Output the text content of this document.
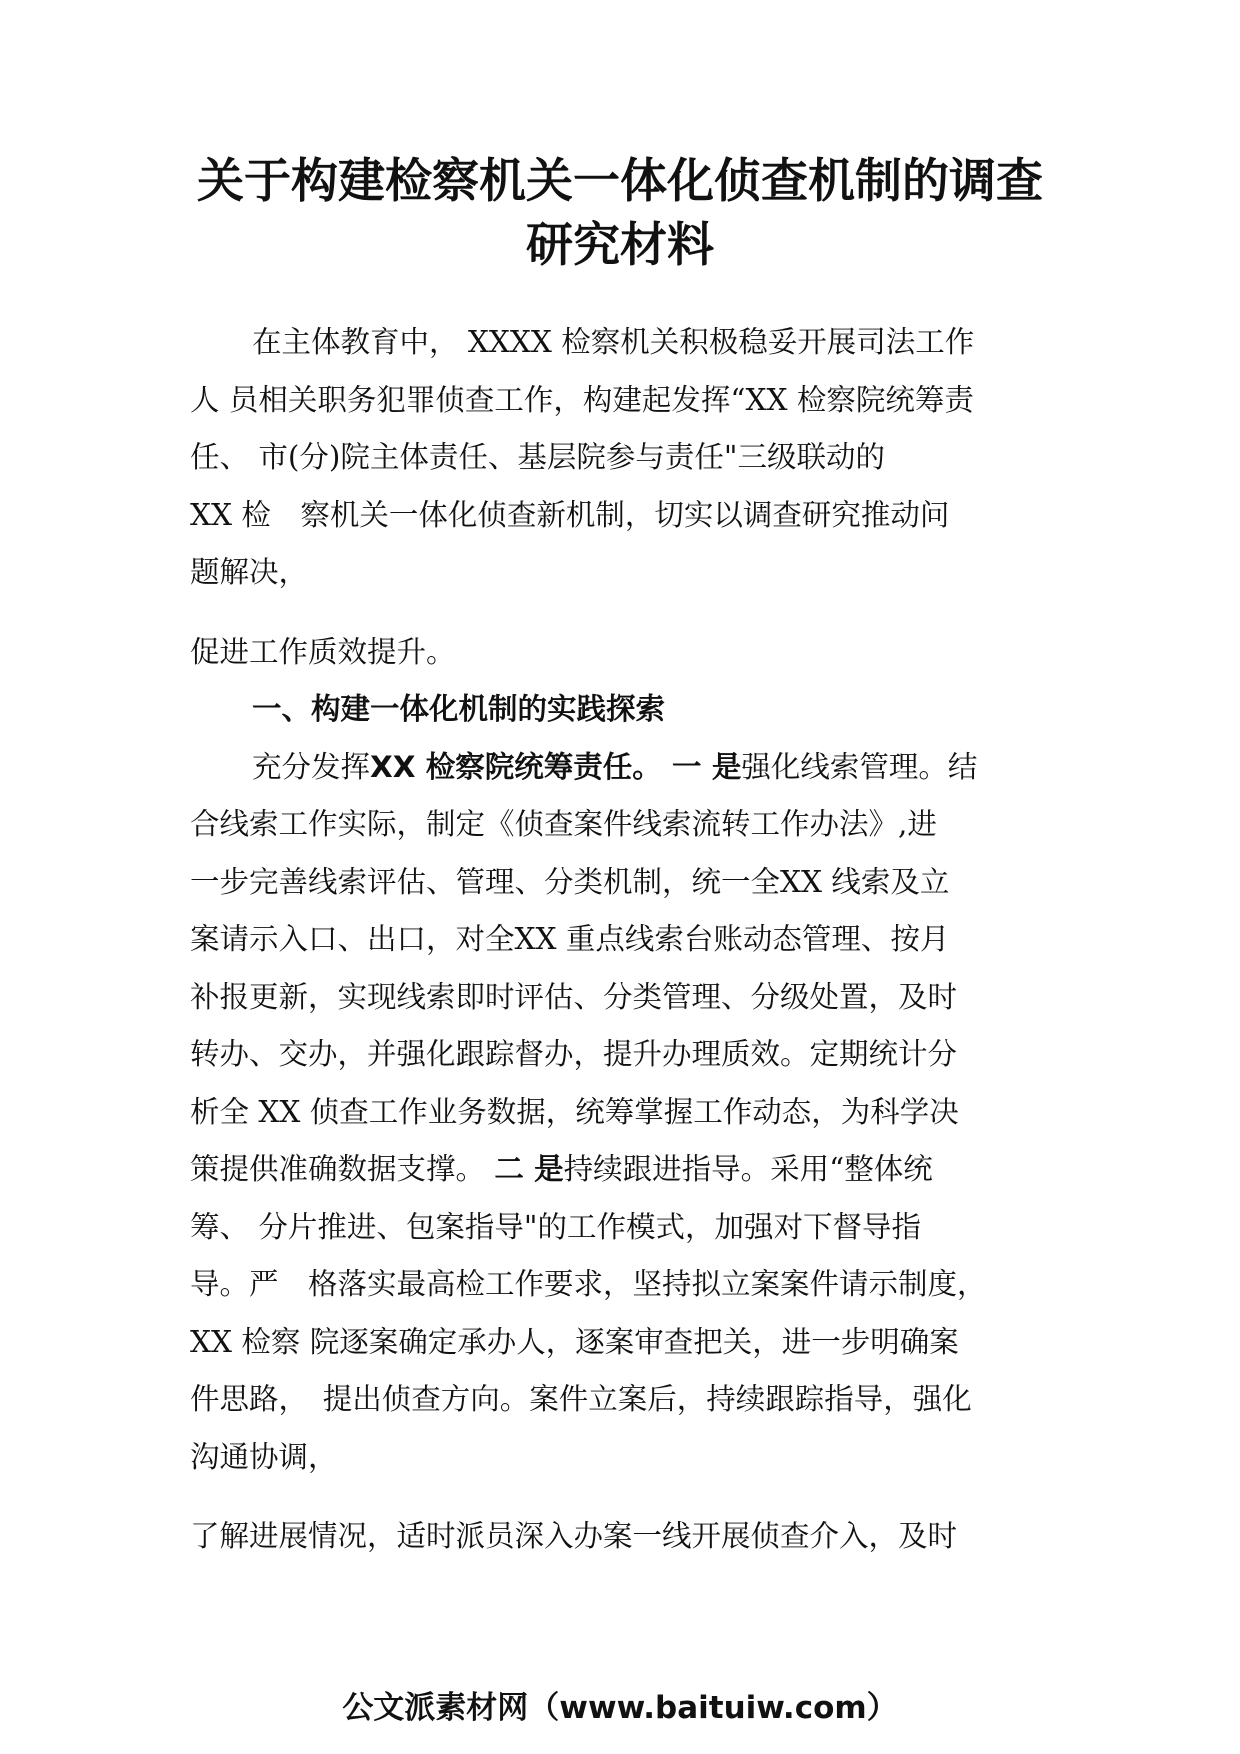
关于构建检察机关一体化侦查机制的调查
研究材料

在主体教育中， XXXX 检察机关积极稳妥开展司法工作

人 员相关职务犯罪侦查工作，构建起发挥“XX 检察院统筹责

任、 市(分)院主体责任、基层院参与责任"三级联动的

XX 检　察机关一体化侦查新机制，切实以调查研究推动问

题解决，

促进工作质效提升。

一、构建一体化机制的实践探索

充分发挥XX 检察院统筹责任。 一 是强化线索管理。结

合线索工作实际，制定《侦查案件线索流转工作办法》,进

一步完善线索评估、管理、分类机制，统一全XX 线索及立

案请示入口、出口，对全XX 重点线索台账动态管理、按月

补报更新，实现线索即时评估、分类管理、分级处置，及时

转办、交办，并强化跟踪督办，提升办理质效。定期统计分

析全 XX 侦查工作业务数据，统筹掌握工作动态，为科学决

策提供准确数据支撑。 二 是持续跟进指导。采用“整体统

筹、 分片推进、包案指导"的工作模式，加强对下督导指

导。严　格落实最高检工作要求，坚持拟立案案件请示制度，

XX 检察 院逐案确定承办人，逐案审查把关，进一步明确案

件思路，　提出侦查方向。案件立案后，持续跟踪指导，强化

沟通协调，

了解进展情况，适时派员深入办案一线开展侦查介入，及时

公文派素材网（www.baituiw.com）
